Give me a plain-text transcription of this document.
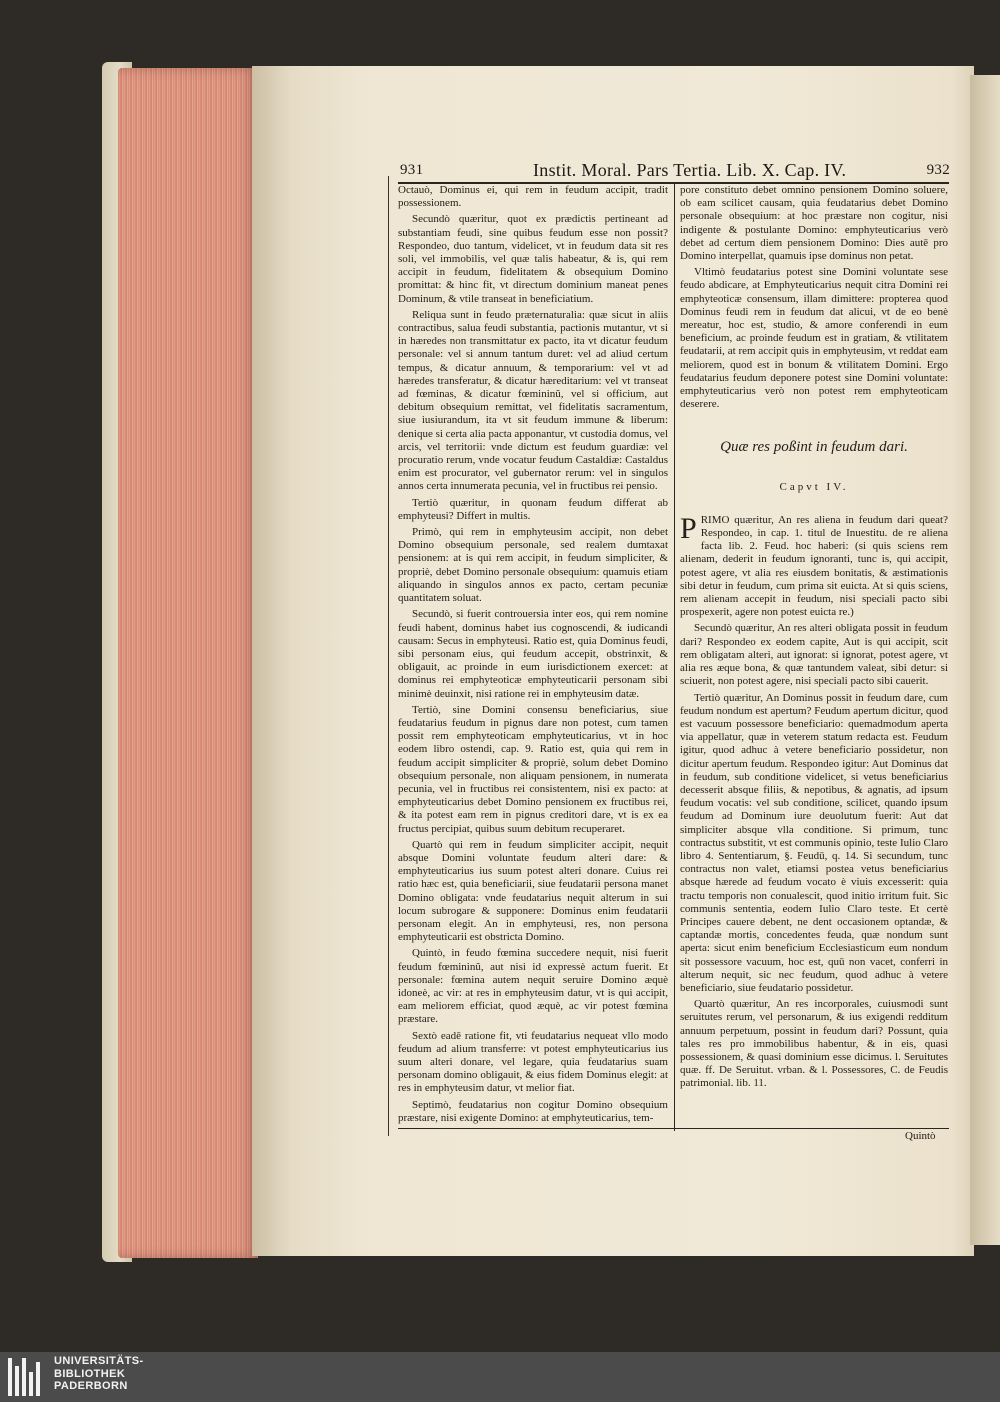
931	Instit. Moral. Pars Tertia. Lib. X. Cap. IV.	932

Octauò, Dominus ei, qui rem in feudum accipit, tradit possessionem.

Secundò quæritur, quot ex prædictis pertineant ad substantiam feudi, sine quibus feudum esse non possit? Respondeo, duo tantum, videlicet, vt in feudum data sit res soli, vel immobilis, vel quæ talis habeatur, & is, qui rem accipit in feudum, fidelitatem & obsequium Domino promittat: & hinc fit, vt directum dominium maneat penes Dominum, & vtile transeat in beneficiatium.

Reliqua sunt in feudo præternaturalia: quæ sicut in aliis contractibus, salua feudi substantia, pactionis mutantur, vt si in hæredes non transmittatur ex pacto, ita vt dicatur feudum personale: vel si annum tantum duret: vel ad aliud certum tempus, & dicatur annuum, & temporarium: vel vt ad hæredes transferatur, & dicatur hæreditarium: vel vt transeat ad fœminas, & dicatur fœmininũ, vel si officium, aut debitum obsequium remittat, vel fidelitatis sacramentum, siue iusiurandum, ita vt sit feudum immune & liberum: denique si certa alia pacta apponantur, vt custodia domus, vel arcis, vel territorii: vnde dictum est feudum guardiæ: vel procuratio rerum, vnde vocatur feudum Castaldiæ: Castaldus enim est procurator, vel gubernator rerum: vel in singulos annos certa innumerata pecunia, vel in fructibus rei pensio.

Tertiò quæritur, in quonam feudum differat ab emphyteusi? Differt in multis.

Primò, qui rem in emphyteusim accipit, non debet Domino obsequium personale, sed realem dumtaxat pensionem: at is qui rem accipit, in feudum simpliciter, & propriè, debet Domino personale obsequium: quamuis etiam aliquando in singulos annos ex pacto, certam pecuniæ quantitatem soluat.

Secundò, si fuerit controuersia inter eos, qui rem nomine feudi habent, dominus habet ius cognoscendi, & iudicandi causam: Secus in emphyteusi. Ratio est, quia Dominus feudi, sibi personam eius, qui feudum accepit, obstrinxit, & obligauit, ac proinde in eum iurisdictionem exercet: at dominus rei emphyteoticæ emphyteuticarii personam sibi minimè deuinxit, nisi ratione rei in emphyteusim datæ.

Tertiò, sine Domini consensu beneficiarius, siue feudatarius feudum in pignus dare non potest, cum tamen possit rem emphyteoticam emphyteuticarius, vt in hoc eodem libro ostendi, cap. 9. Ratio est, quia qui rem in feudum accipit simpliciter & propriè, solum debet Domino obsequium personale, non aliquam pensionem, in numerata pecunia, vel in fructibus rei consistentem, nisi ex pacto: at emphyteuticarius debet Domino pensionem ex fructibus rei, & ita potest eam rem in pignus creditori dare, vt is ex ea fructus percipiat, quibus suum debitum recuperaret.

Quartò qui rem in feudum simpliciter accipit, nequit absque Domini voluntate feudum alteri dare: & emphyteuticarius ius suum potest alteri donare. Cuius rei ratio hæc est, quia beneficiarii, siue feudatarii persona manet Domino obligata: vnde feudatarius nequit alterum in sui locum subrogare & supponere: Dominus enim feudatarii personam elegit. An in emphyteusi, res, non persona emphyteuticarii est obstricta Domino.

Quintò, in feudo fœmina succedere nequit, nisi fuerit feudum fœmininũ, aut nisi id expressè actum fuerit. Et personale: fœmina autem nequit seruire Domino æquè idoneè, ac vir: at res in emphyteusim datur, vt is qui accipit, eam meliorem efficiat, quod æquè, ac vir potest fœmina præstare.

Sextò eadē ratione fit, vti feudatarius nequeat vllo modo feudum ad alium transferre: vt potest emphyteuticarius ius suum alteri donare, vel legare, quia feudatarius suam personam domino obligauit, & eius fidem Dominus elegit: at res in emphyteusim datur, vt melior fiat.

Septimò, feudatarius non cogitur Domino obsequium præstare, nisi exigente Domino: at emphyteuticarius, tem-

pore constituto debet omnino pensionem Domino soluere, ob eam scilicet causam, quia feudatarius debet Domino personale obsequium: at hoc præstare non cogitur, nisi indigente & postulante Domino: emphyteuticarius verò debet ad certum diem pensionem Domino: Dies autē pro Domino interpellat, quamuis ipse dominus non petat.

Vltimò feudatarius potest sine Domini voluntate sese feudo abdicare, at Emphyteuticarius nequit citra Domini rei emphyteoticæ consensum, illam dimittere: propterea quod Dominus feudi rem in feudum dat alicui, vt de eo benè mereatur, hoc est, studio, & amore conferendi in eum beneficium, ac proinde feudum est in gratiam, & vtilitatem feudatarii, at rem accipit quis in emphyteusim, vt reddat eam meliorem, quod est in bonum & vtilitatem Domini. Ergo feudatarius feudum deponere potest sine Domini voluntate: emphyteuticarius verò non potest rem emphyteoticam deserere.

Quæ res poßint in feudum dari.
Capvt IV.

PRIMO quæritur, An res aliena in feudum dari queat? Respondeo, in cap. 1. titul de Inuestitu. de re aliena facta lib. 2. Feud. hoc haberi: (si quis sciens rem alienam, dederit in feudum ignoranti, tunc is, qui accipit, potest agere, vt alia res eiusdem bonitatis, & æstimationis sibi detur in feudum, cum prima sit euicta. At si quis sciens, rem alienam accepit in feudum, nisi speciali pacto sibi prospexerit, agere non potest euicta re.)

Secundò quæritur, An res alteri obligata possit in feudum dari? Respondeo ex eodem capite, Aut is qui accipit, scit rem obligatam alteri, aut ignorat: si ignorat, potest agere, vt alia res æque bona, & quæ tantundem valeat, sibi detur: si sciuerit, non potest agere, nisi speciali pacto sibi cauerit.

Tertiò quæritur, An Dominus possit in feudum dare, cum feudum nondum est apertum? Feudum apertum dicitur, quod est vacuum possessore beneficiario: quemadmodum aperta via appellatur, quæ in veterem statum redacta est. Feudum igitur, quod adhuc à vetere beneficiario possidetur, non dicitur apertum feudum. Respondeo igitur: Aut Dominus dat in feudum, sub conditione videlicet, si vetus beneficiarius decesserit absque filiis, & nepotibus, & agnatis, ad ipsum feudum vocatis: vel sub conditione, scilicet, quando ipsum feudum ad Dominum iure deuolutum fuerit: Aut dat simpliciter absque vlla conditione. Si primum, tunc contractus substitit, vt est communis opinio, teste Iulio Claro libro 4. Sententiarum, §. Feudū, q. 14. Si secundum, tunc contractus non valet, etiamsi postea vetus beneficiarius absque hærede ad feudum vocato è viuis excesserit: quia tractu temporis non conualescit, quod initio irritum fuit. Sic communis sententia, eodem Iulio Claro teste. Et certè Principes cauere debent, ne dent occasionem optandæ, & captandæ mortis, concedentes feuda, quæ nondum sunt aperta: sicut enim beneficium Ecclesiasticum eum nondum sit possessore vacuum, hoc est, quū non vacet, conferri in alterum nequit, sic nec feudum, quod adhuc à vetere beneficiario, siue feudatario possidetur.

Quartò quæritur, An res incorporales, cuiusmodi sunt seruitutes rerum, vel personarum, & ius exigendi redditum annuum perpetuum, possint in feudum dari? Possunt, quia tales res pro immobilibus habentur, & in eis, quasi possessionem, & quasi dominium esse dicimus. l. Seruitutes quæ. ff. De Seruitut. vrban. & l. Possessores, C. de Feudis patrimonial. lib. 11.

Quintò
UNIVERSITÄTS-
BIBLIOTHEK
PADERBORN
